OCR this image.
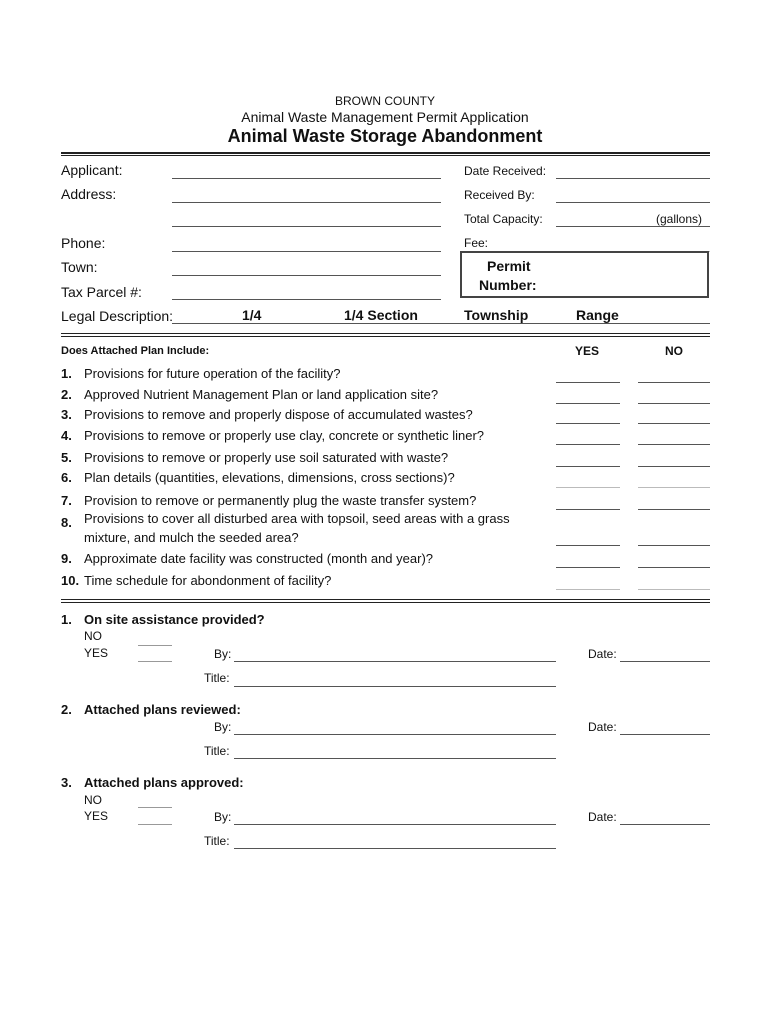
BROWN COUNTY
Animal Waste Management Permit Application
Animal Waste Storage Abandonment
Applicant:
Address:
Phone:
Town:
Tax Parcel #:
Date Received:
Received By:
Total Capacity:	(gallons)
Fee:
Permit
Number:
Legal Description:	1/4	1/4 Section	Township	Range
Does Attached Plan Include:	YES	NO
1. Provisions for future operation of the facility?
2. Approved Nutrient Management Plan or land application site?
3. Provisions to remove and properly dispose of accumulated wastes?
4. Provisions to remove or properly use clay, concrete or synthetic liner?
5. Provisions to remove or properly use soil saturated with waste?
6. Plan details (quantities, elevations, dimensions, cross sections)?
7. Provision to remove or permanently plug the waste transfer system?
8. Provisions to cover all disturbed area with topsoil, seed areas with a grass
mixture, and mulch the seeded area?
9. Approximate date facility was constructed (month and year)?
10. Time schedule for abondonment of facility?
1. On site assistance provided?
NO
YES	By:	Date:
Title:
2. Attached plans reviewed:
By:	Date:
Title:
3. Attached plans approved:
NO
YES	By:	Date:
Title:
